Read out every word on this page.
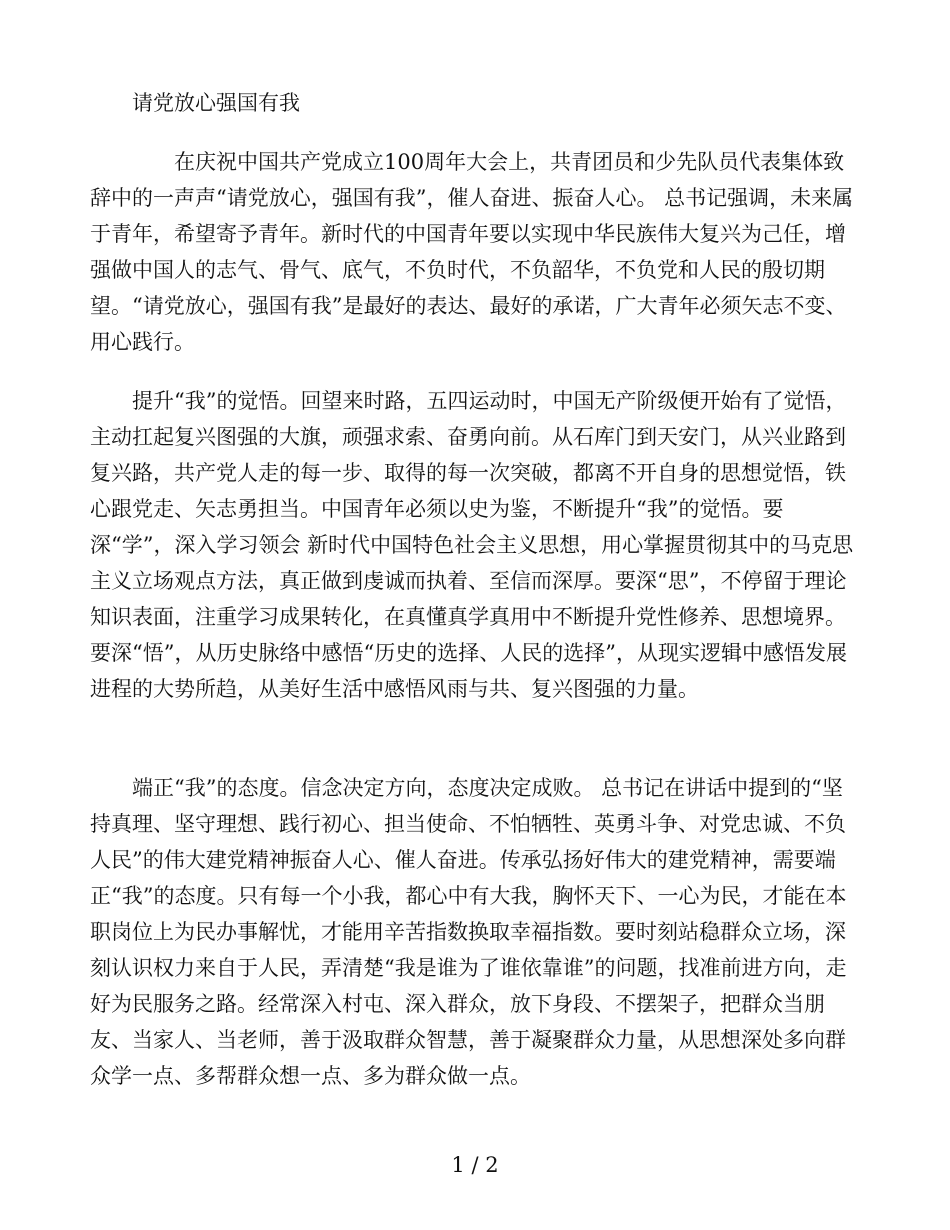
请党放心强国有我

在庆祝中国共产党成立100周年大会上，共青团员和少先队员代表集体致辞中的一声声“请党放心，强国有我”，催人奋进、振奋人心。 总书记强调，未来属于青年，希望寄予青年。新时代的中国青年要以实现中华民族伟大复兴为己任，增强做中国人的志气、骨气、底气，不负时代，不负韶华，不负党和人民的殷切期望。“请党放心，强国有我”是最好的表达、最好的承诺，广大青年必须矢志不变、用心践行。

提升“我”的觉悟。回望来时路，五四运动时，中国无产阶级便开始有了觉悟，主动扛起复兴图强的大旗，顽强求索、奋勇向前。从石库门到天安门，从兴业路到复兴路，共产党人走的每一步、取得的每一次突破，都离不开自身的思想觉悟，铁心跟党走、矢志勇担当。中国青年必须以史为鉴，不断提升“我”的觉悟。要深“学”，深入学习领会 新时代中国特色社会主义思想，用心掌握贯彻其中的马克思主义立场观点方法，真正做到虔诚而执着、至信而深厚。要深“思”，不停留于理论知识表面，注重学习成果转化，在真懂真学真用中不断提升党性修养、思想境界。要深“悟”，从历史脉络中感悟“历史的选择、人民的选择”，从现实逻辑中感悟发展进程的大势所趋，从美好生活中感悟风雨与共、复兴图强的力量。

端正“我”的态度。信念决定方向，态度决定成败。 总书记在讲话中提到的“坚持真理、坚守理想、践行初心、担当使命、不怕牺牲、英勇斗争、对党忠诚、不负人民”的伟大建党精神振奋人心、催人奋进。传承弘扬好伟大的建党精神，需要端正“我”的态度。只有每一个小我，都心中有大我，胸怀天下、一心为民，才能在本职岗位上为民办事解忧，才能用辛苦指数换取幸福指数。要时刻站稳群众立场，深刻认识权力来自于人民，弄清楚“我是谁为了谁依靠谁”的问题，找准前进方向，走好为民服务之路。经常深入村屯、深入群众，放下身段、不摆架子，把群众当朋友、当家人、当老师，善于汲取群众智慧，善于凝聚群众力量，从思想深处多向群众学一点、多帮群众想一点、多为群众做一点。

1 / 2
